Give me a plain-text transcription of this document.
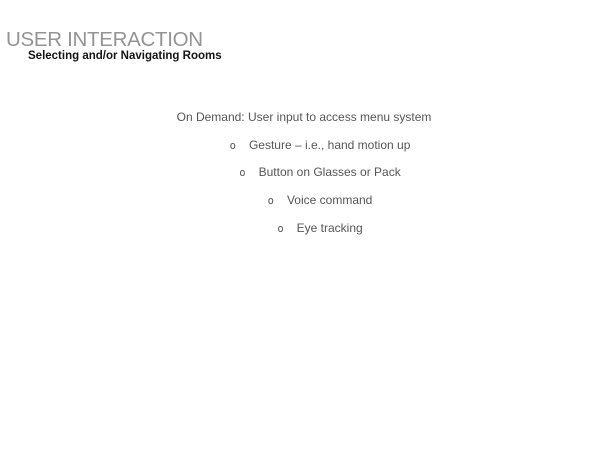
USER INTERACTION
Selecting and/or Navigating Rooms
On Demand: User input to access menu system
o Gesture – i.e., hand motion up
o Button on Glasses or Pack
o Voice command
o Eye tracking
